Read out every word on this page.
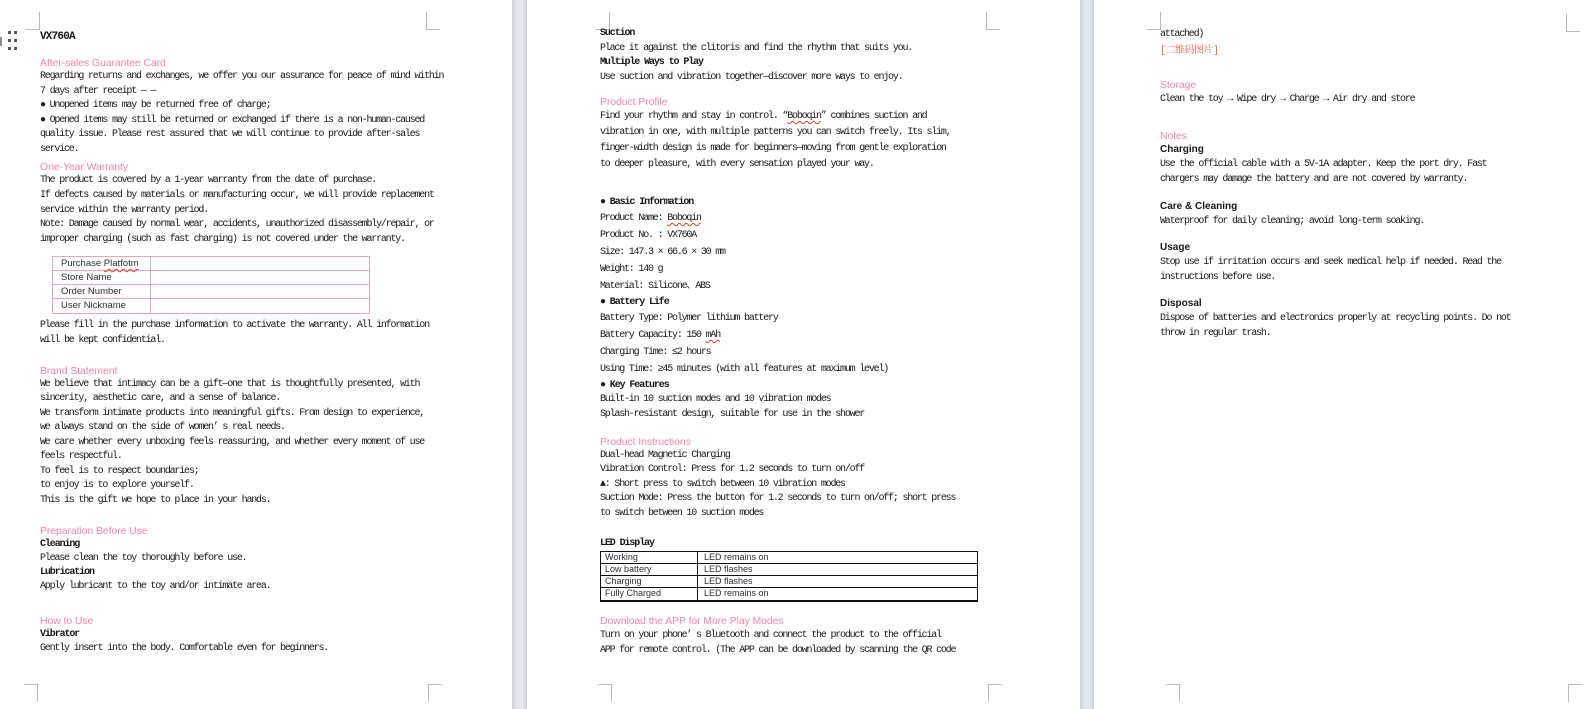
VX760A
After-sales Guarantee Card
Regarding returns and exchanges, we offer you our assurance for peace of mind within
7 days after receipt — —
● Unopened items may be returned free of charge;
● Opened items may still be returned or exchanged if there is a non-human-caused
quality issue. Please rest assured that we will continue to provide after-sales
service.
One-Year Warranty
The product is covered by a 1-year warranty from the date of purchase.
If defects caused by materials or manufacturing occur, we will provide replacement
service within the warranty period.
Note: Damage caused by normal wear, accidents, unauthorized disassembly/repair, or
improper charging (such as fast charging) is not covered under the warranty.
Purchase Platfotm
Store Name
Order Number
User Nickname
Please fill in the purchase information to activate the warranty. All information
will be kept confidential.
Brand Statement
We believe that intimacy can be a gift—one that is thoughtfully presented, with
sincerity, aesthetic care, and a sense of balance.
We transform intimate products into meaningful gifts. From design to experience,
we always stand on the side of women’ s real needs.
We care whether every unboxing feels reassuring, and whether every moment of use
feels respectful.
To feel is to respect boundaries;
to enjoy is to explore yourself.
This is the gift we hope to place in your hands.
Preparation Before Use
Cleaning
Please clean the toy thoroughly before use.
Lubrication
Apply lubricant to the toy and/or intimate area.
How to Use
Vibrator
Gently insert into the body. Comfortable even for beginners.
Suction
Place it against the clitoris and find the rhythm that suits you.
Multiple Ways to Play
Use suction and vibration together—discover more ways to enjoy.
Product Profile
Find your rhythm and stay in control. “Boboqin” combines suction and
vibration in one, with multiple patterns you can switch freely. Its slim,
finger-width design is made for beginners—moving from gentle exploration
to deeper pleasure, with every sensation played your way.
● Basic Information
Product Name: Boboqin
Product No. : VX760A
Size: 147.3 × 66.6 × 30 mm
Weight: 140 g
Material: Silicone、ABS
● Battery Life
Battery Type: Polymer lithium battery
Battery Capacity: 150 mAh
Charging Time: ≤2 hours
Using Time: ≥45 minutes (with all features at maximum level)
● Key Features
Built-in 10 suction modes and 10 vibration modes
Splash-resistant design, suitable for use in the shower
Product Instructions
Dual-head Magnetic Charging
Vibration Control: Press for 1.2 seconds to turn on/off
▲: Short press to switch between 10 vibration modes
Suction Mode: Press the button for 1.2 seconds to turn on/off; short press
to switch between 10 suction modes
LED Display
Working	LED remains on
Low battery	LED flashes
Charging	LED flashes
Fully Charged	LED remains on
Download the APP for More Play Modes
Turn on your phone’ s Bluetooth and connect the product to the official
APP for remote control. (The APP can be downloaded by scanning the QR code
attached)
[二维码图片]
Storage
Clean the toy → Wipe dry → Charge → Air dry and store
Notes
Charging
Use the official cable with a 5V-1A adapter. Keep the port dry. Fast
chargers may damage the battery and are not covered by warranty.
Care & Cleaning
Waterproof for daily cleaning; avoid long-term soaking.
Usage
Stop use if irritation occurs and seek medical help if needed. Read the
instructions before use.
Disposal
Dispose of batteries and electronics properly at recycling points. Do not
throw in regular trash.
